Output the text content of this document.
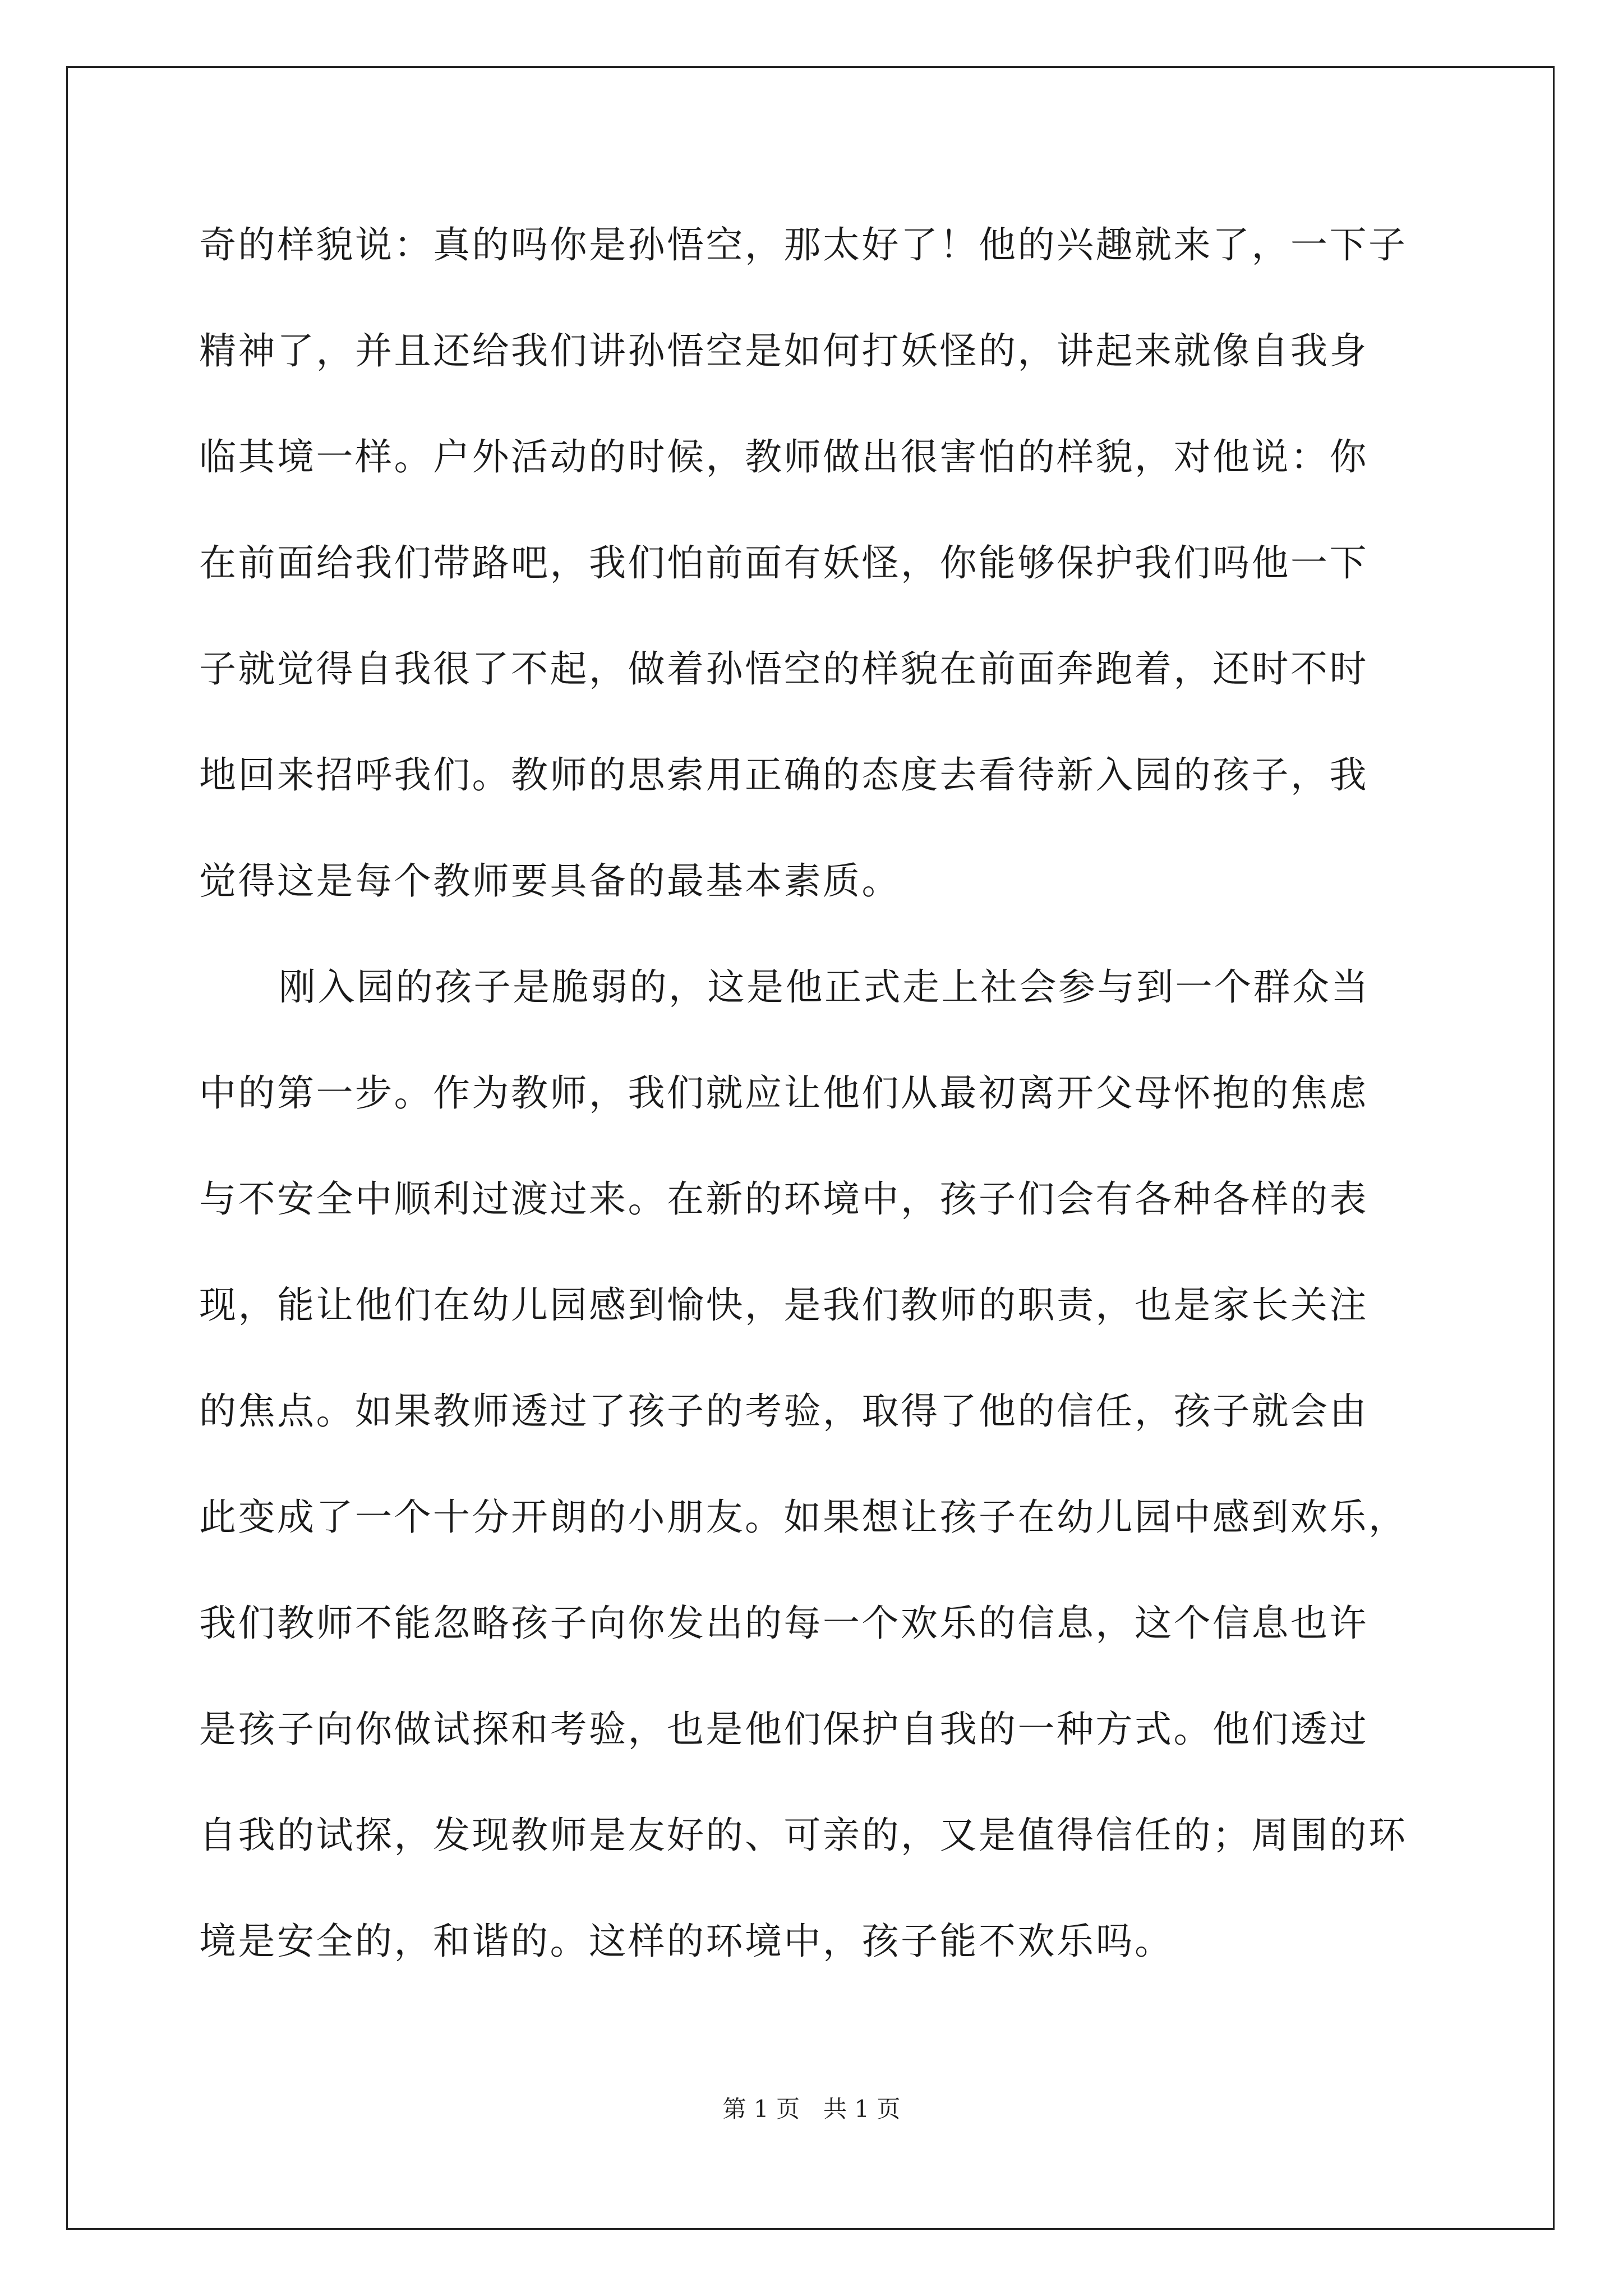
奇的样貌说：真的吗你是孙悟空，那太好了！他的兴趣就来了，一下子
精神了，并且还给我们讲孙悟空是如何打妖怪的，讲起来就像自我身
临其境一样。户外活动的时候，教师做出很害怕的样貌，对他说：你
在前面给我们带路吧，我们怕前面有妖怪，你能够保护我们吗他一下
子就觉得自我很了不起，做着孙悟空的样貌在前面奔跑着，还时不时
地回来招呼我们。教师的思索用正确的态度去看待新入园的孩子，我
觉得这是每个教师要具备的最基本素质。
刚入园的孩子是脆弱的，这是他正式走上社会参与到一个群众当
中的第一步。作为教师，我们就应让他们从最初离开父母怀抱的焦虑
与不安全中顺利过渡过来。在新的环境中，孩子们会有各种各样的表
现，能让他们在幼儿园感到愉快，是我们教师的职责，也是家长关注
的焦点。如果教师透过了孩子的考验，取得了他的信任，孩子就会由
此变成了一个十分开朗的小朋友。如果想让孩子在幼儿园中感到欢乐，
我们教师不能忽略孩子向你发出的每一个欢乐的信息，这个信息也许
是孩子向你做试探和考验，也是他们保护自我的一种方式。他们透过
自我的试探，发现教师是友好的、可亲的，又是值得信任的；周围的环
境是安全的，和谐的。这样的环境中，孩子能不欢乐吗。
第 1 页　共 1 页
